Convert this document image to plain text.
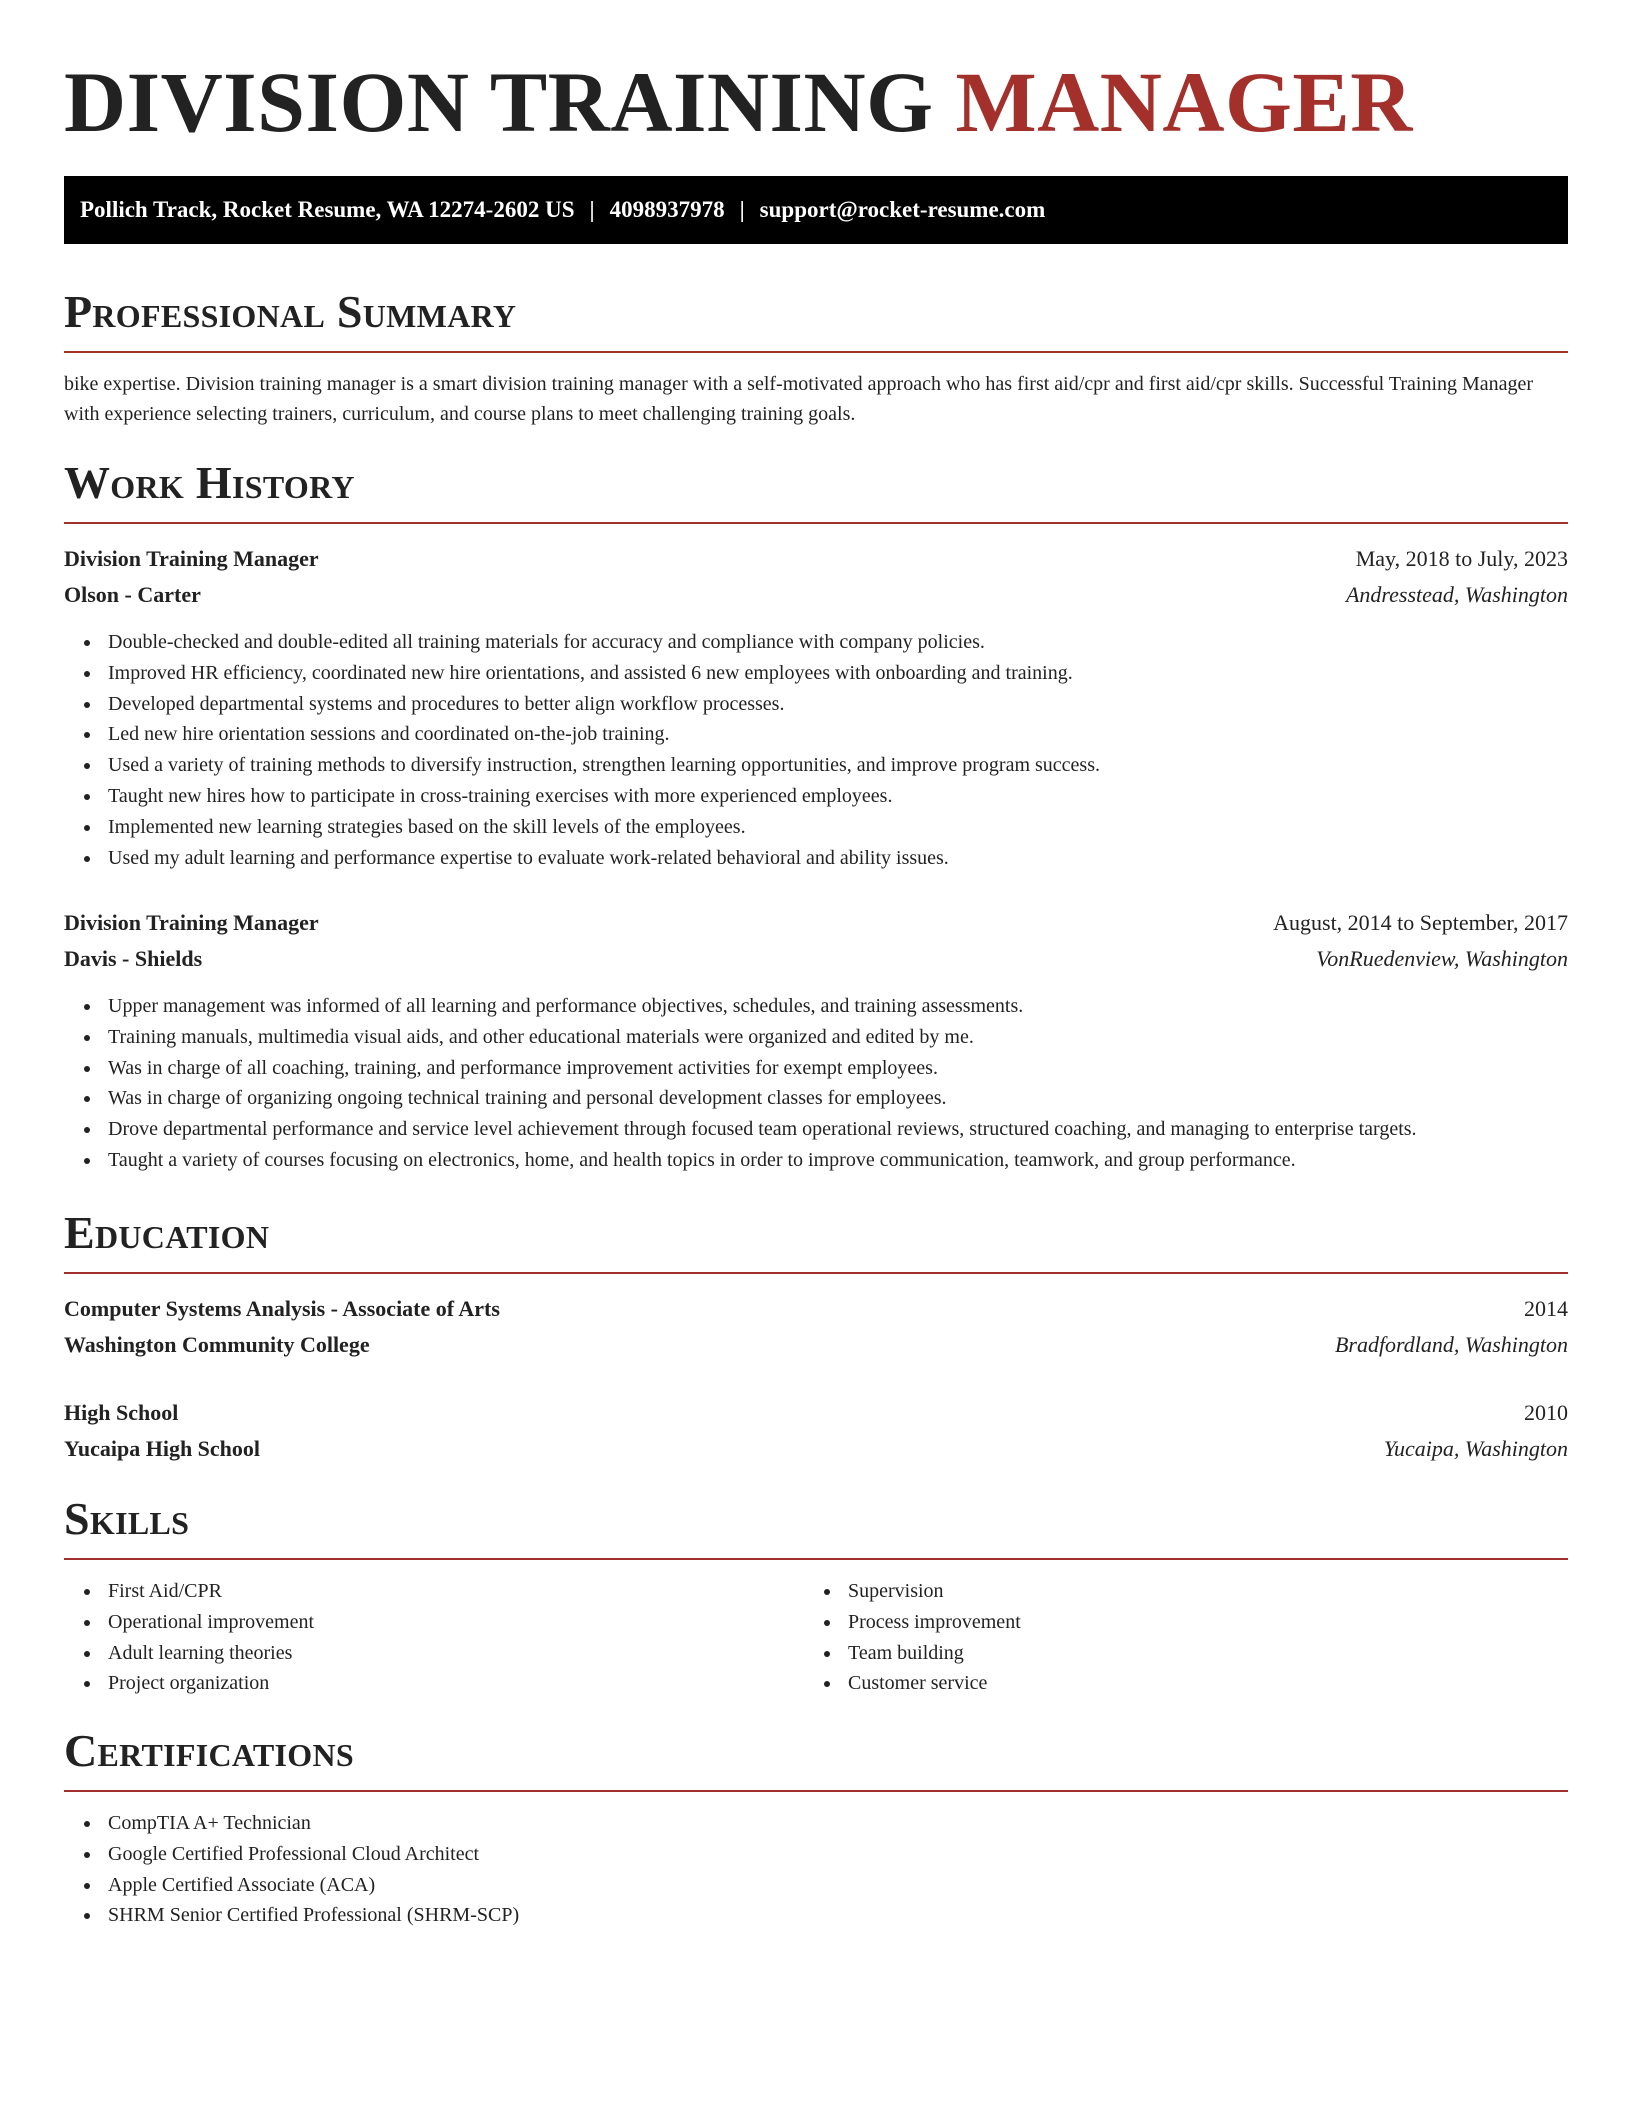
DIVISION TRAINING MANAGER
Pollich Track, Rocket Resume, WA 12274-2602 US | 4098937978 | support@rocket-resume.com
Professional Summary

bike expertise. Division training manager is a smart division training manager with a self-motivated approach who has first aid/cpr and first aid/cpr skills. Successful Training Manager with experience selecting trainers, curriculum, and course plans to meet challenging training goals.

Work History
Division Training Manager	May, 2018 to July, 2023
Olson - Carter	Andresstead, Washington
Double-checked and double-edited all training materials for accuracy and compliance with company policies.
Improved HR efficiency, coordinated new hire orientations, and assisted 6 new employees with onboarding and training.
Developed departmental systems and procedures to better align workflow processes.
Led new hire orientation sessions and coordinated on-the-job training.
Used a variety of training methods to diversify instruction, strengthen learning opportunities, and improve program success.
Taught new hires how to participate in cross-training exercises with more experienced employees.
Implemented new learning strategies based on the skill levels of the employees.
Used my adult learning and performance expertise to evaluate work-related behavioral and ability issues.
Division Training Manager	August, 2014 to September, 2017
Davis - Shields	VonRuedenview, Washington
Upper management was informed of all learning and performance objectives, schedules, and training assessments.
Training manuals, multimedia visual aids, and other educational materials were organized and edited by me.
Was in charge of all coaching, training, and performance improvement activities for exempt employees.
Was in charge of organizing ongoing technical training and personal development classes for employees.
Drove departmental performance and service level achievement through focused team operational reviews, structured coaching, and managing to enterprise targets.
Taught a variety of courses focusing on electronics, home, and health topics in order to improve communication, teamwork, and group performance.
Education
Computer Systems Analysis - Associate of Arts	2014
Washington Community College	Bradfordland, Washington
High School	2010
Yucaipa High School	Yucaipa, Washington
Skills
First Aid/CPR
Operational improvement
Adult learning theories
Project organization
Supervision
Process improvement
Team building
Customer service
Certifications
CompTIA A+ Technician
Google Certified Professional Cloud Architect
Apple Certified Associate (ACA)
SHRM Senior Certified Professional (SHRM-SCP)
